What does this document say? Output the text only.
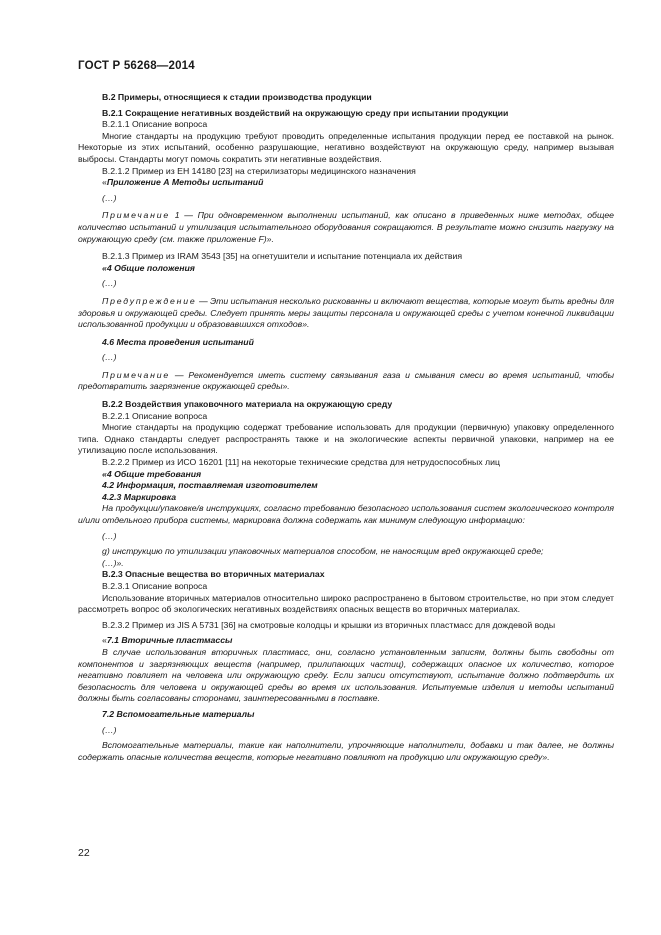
ГОСТ Р 56268—2014

B.2 Примеры, относящиеся к стадии производства продукции

B.2.1 Сокращение негативных воздействий на окружающую среду при испытании продукции

B.2.1.1 Описание вопроса

Многие стандарты на продукцию требуют проводить определенные испытания продукции перед ее поставкой на рынок. Некоторые из этих испытаний, особенно разрушающие, негативно воздействуют на окружающую среду, например вызывая выбросы. Стандарты могут помочь сократить эти негативные воздействия.

B.2.1.2 Пример из ЕН 14180 [23] на стерилизаторы медицинского назначения

«Приложение А Методы испытаний

(…)

Примечание 1 — При одновременном выполнении испытаний, как описано в приведенных ниже методах, общее количество испытаний и утилизация испытательного оборудования сокращаются. В результате можно снизить нагрузку на окружающую среду (см. также приложение F)».

B.2.1.3 Пример из IRAM 3543 [35] на огнетушители и испытание потенциала их действия

«4 Общие положения

(…)

Предупреждение — Эти испытания несколько рискованны и включают вещества, которые могут быть вредны для здоровья и окружающей среды. Следует принять меры защиты персонала и окружающей среды с учетом конечной ликвидации использованной продукции и образовавшихся отходов».

4.6 Места проведения испытаний

(…)

Примечание — Рекомендуется иметь систему связывания газа и смывания смеси во время испытаний, чтобы предотвратить загрязнение окружающей среды».

B.2.2 Воздействия упаковочного материала на окружающую среду

B.2.2.1 Описание вопроса

Многие стандарты на продукцию содержат требование использовать для продукции (первичную) упаковку определенного типа. Однако стандарты следует распространять также и на экологические аспекты первичной упаковки, например на ее утилизацию после использования.

B.2.2.2 Пример из ИСО 16201 [11] на некоторые технические средства для нетрудоспособных лиц

«4 Общие требования

4.2 Информация, поставляемая изготовителем

4.2.3 Маркировка

На продукции/упаковке/в инструкциях, согласно требованию безопасного использования систем экологического контроля и/или отдельного прибора системы, маркировка должна содержать как минимум следующую информацию:

(…)

g) инструкцию по утилизации упаковочных материалов способом, не наносящим вред окружающей среде;

(…)».

B.2.3 Опасные вещества во вторичных материалах

B.2.3.1 Описание вопроса

Использование вторичных материалов относительно широко распространено в бытовом строительстве, но при этом следует рассмотреть вопрос об экологических негативных воздействиях опасных веществ во вторичных материалах.

B.2.3.2 Пример из JIS A 5731 [36] на смотровые колодцы и крышки из вторичных пластмасс для дождевой воды

«7.1 Вторичные пластмассы

В случае использования вторичных пластмасс, они, согласно установленным записям, должны быть свободны от компонентов и загрязняющих веществ (например, прилипающих частиц), содержащих опасное их количество, которое негативно повлияет на человека или окружающую среду. Если записи отсутствуют, испытание должно подтвердить их безопасность для человека и окружающей среды во время их использования. Испытуемые изделия и методы испытаний должны быть согласованы сторонами, заинтересованными в поставке.

7.2 Вспомогательные материалы

(…)

Вспомогательные материалы, такие как наполнители, упрочняющие наполнители, добавки и так далее, не должны содержать опасные количества веществ, которые негативно повлияют на продукцию или окружающую среду».

22
